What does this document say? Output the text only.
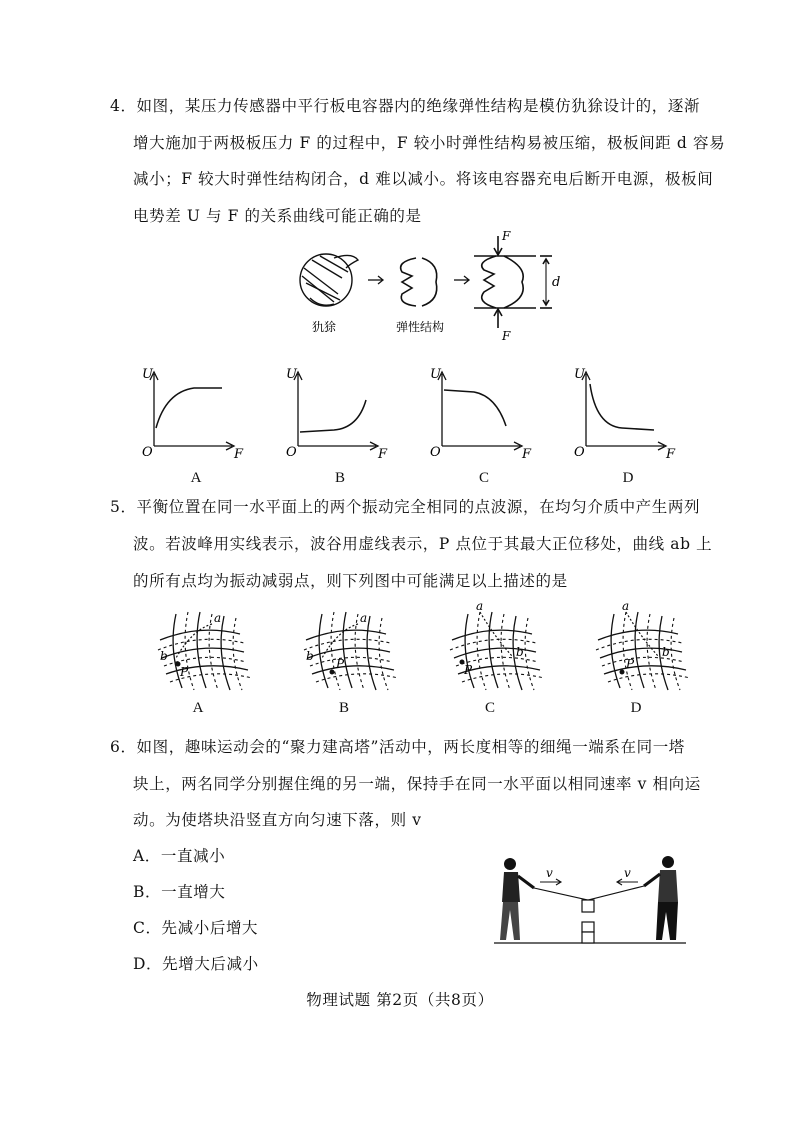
4．如图，某压力传感器中平行板电容器内的绝缘弹性结构是模仿犰狳设计的，逐渐
增大施加于两极板压力 F 的过程中，F 较小时弹性结构易被压缩，极板间距 d 容易
减小；F 较大时弹性结构闭合，d 难以减小。将该电容器充电后断开电源，极板间
电势差 U 与 F 的关系曲线可能正确的是
犰狳	弹性结构
F
F
d
U
O	F
U
O	F
U
O	F
U
O	F
A	B	C	D
5．平衡位置在同一水平面上的两个振动完全相同的点波源，在均匀介质中产生两列
波。若波峰用实线表示，波谷用虚线表示，P 点位于其最大正位移处，曲线 ab 上
的所有点均为振动减弱点，则下列图中可能满足以上描述的是
a
b
P
a
b
P
a
b
P
a
b
P
A	B	C	D
6．如图，趣味运动会的“聚力建高塔”活动中，两长度相等的细绳一端系在同一塔
块上，两名同学分别握住绳的另一端，保持手在同一水平面以相同速率 v 相向运
动。为使塔块沿竖直方向匀速下落，则 v
A．一直减小
B．一直增大
C．先减小后增大
D．先增大后减小
v	v
物理试题 第2页（共8页）
